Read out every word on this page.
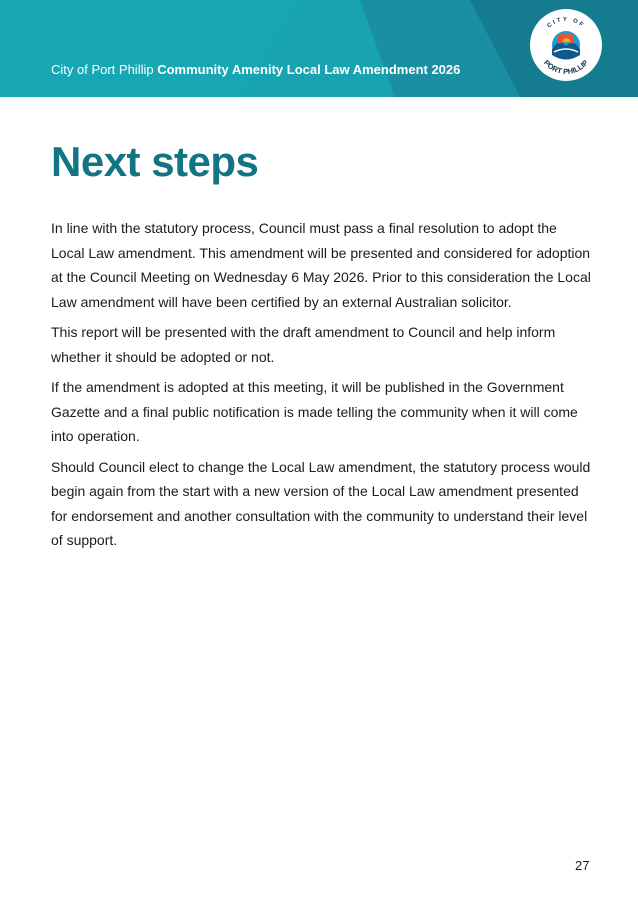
City of Port Phillip Community Amenity Local Law Amendment 2026
CITY OF
PORT PHILLIP
Next steps

In line with the statutory process, Council must pass a final resolution to adopt the Local Law amendment. This amendment will be presented and considered for adoption at the Council Meeting on Wednesday 6 May 2026. Prior to this consideration the Local Law amendment will have been certified by an external Australian solicitor.

This report will be presented with the draft amendment to Council and help inform whether it should be adopted or not.

If the amendment is adopted at this meeting, it will be published in the Government Gazette and a final public notification is made telling the community when it will come into operation.

Should Council elect to change the Local Law amendment, the statutory process would begin again from the start with a new version of the Local Law amendment presented for endorsement and another consultation with the community to understand their level of support.

27
